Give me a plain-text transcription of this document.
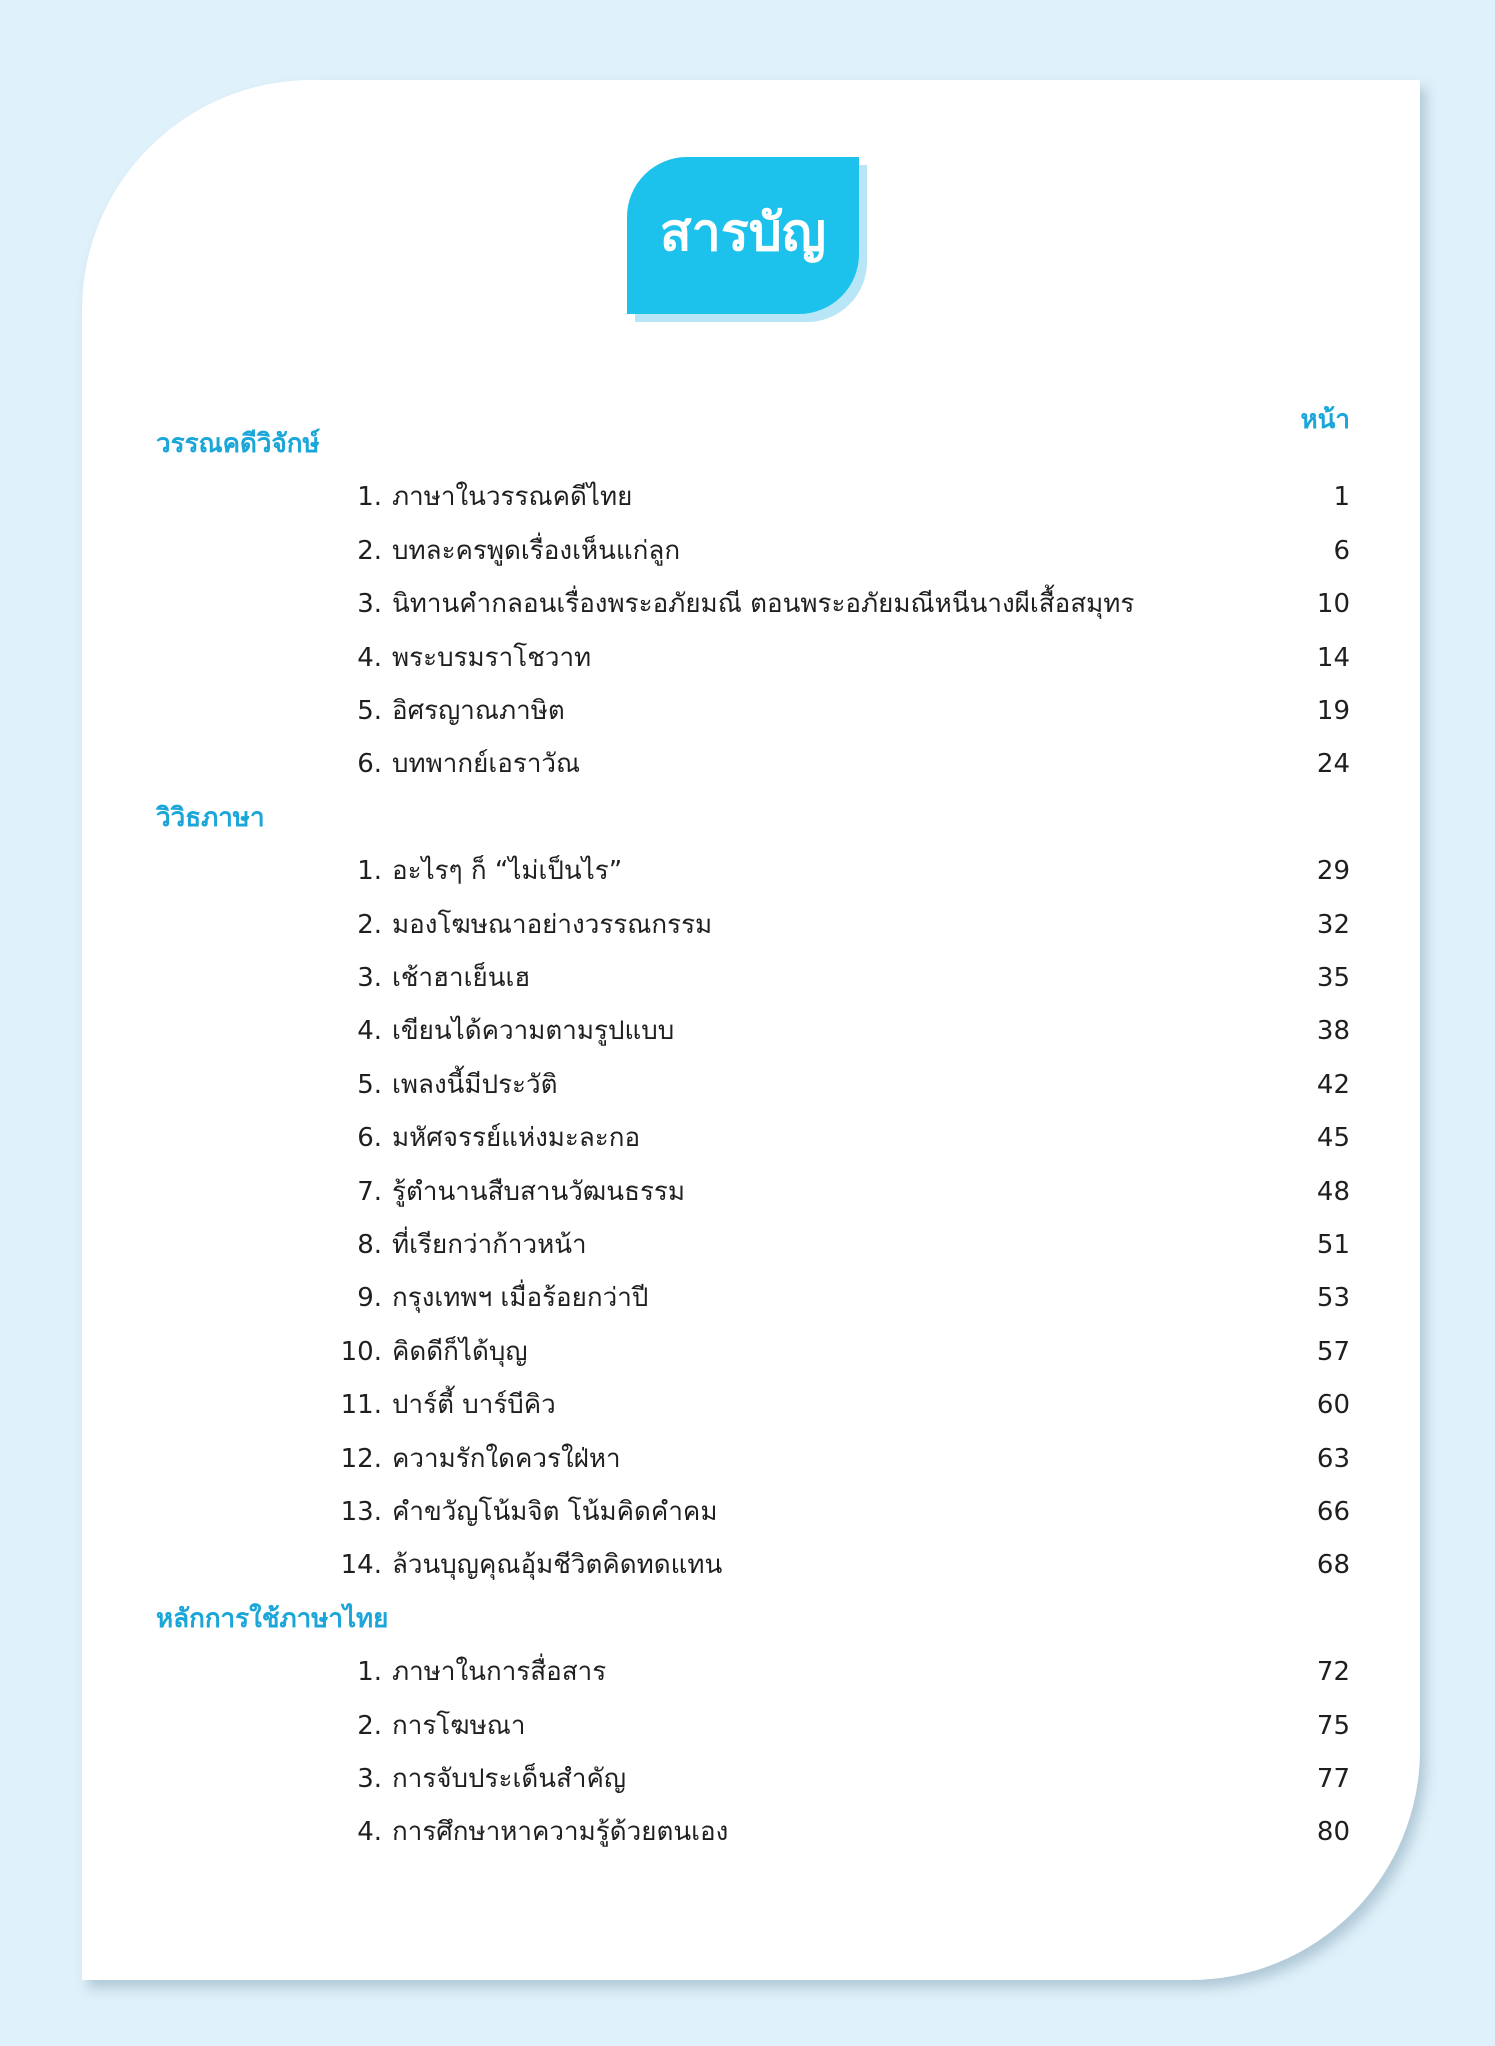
สารบัญ
หน้า
วรรณคดีวิจักษ์
1. ภาษาในวรรณคดีไทย	1
2. บทละครพูดเรื่องเห็นแก่ลูก	6
3. นิทานคำกลอนเรื่องพระอภัยมณี ตอนพระอภัยมณีหนีนางผีเสื้อสมุทร	10
4. พระบรมราโชวาท	14
5. อิศรญาณภาษิต	19
6. บทพากย์เอราวัณ	24
วิวิธภาษา
1. อะไรๆ ก็ “ไม่เป็นไร”	29
2. มองโฆษณาอย่างวรรณกรรม	32
3. เช้าฮาเย็นเฮ	35
4. เขียนได้ความตามรูปแบบ	38
5. เพลงนี้มีประวัติ	42
6. มหัศจรรย์แห่งมะละกอ	45
7. รู้ตำนานสืบสานวัฒนธรรม	48
8. ที่เรียกว่าก้าวหน้า	51
9. กรุงเทพฯ เมื่อร้อยกว่าปี	53
10. คิดดีก็ได้บุญ	57
11. ปาร์ตี้ บาร์บีคิว	60
12. ความรักใดควรใฝ่หา	63
13. คำขวัญโน้มจิต โน้มคิดคำคม	66
14. ล้วนบุญคุณอุ้มชีวิตคิดทดแทน	68
หลักการใช้ภาษาไทย
1. ภาษาในการสื่อสาร	72
2. การโฆษณา	75
3. การจับประเด็นสำคัญ	77
4. การศึกษาหาความรู้ด้วยตนเอง	80
